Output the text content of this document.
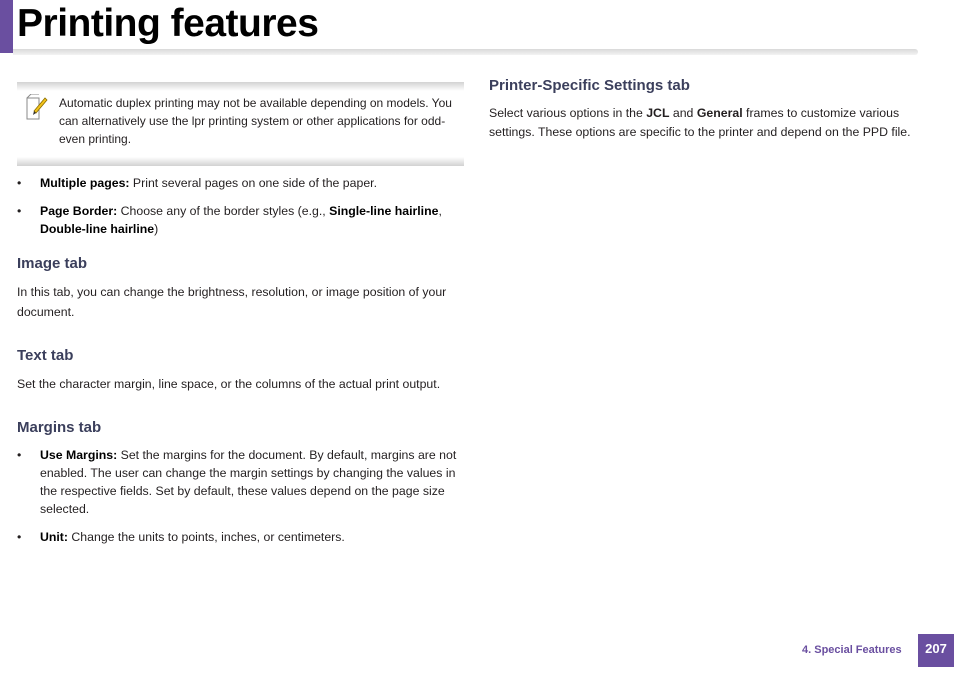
Printing features
Automatic duplex printing may not be available depending on models. You can alternatively use the lpr printing system or other applications for odd-even printing.
• Multiple pages: Print several pages on one side of the paper.
• Page Border: Choose any of the border styles (e.g., Single-line hairline, Double-line hairline)
Image tab

In this tab, you can change the brightness, resolution, or image position of your document.

Text tab

Set the character margin, line space, or the columns of the actual print output.

Margins tab
• Use Margins: Set the margins for the document. By default, margins are not enabled. The user can change the margin settings by changing the values in the respective fields. Set by default, these values depend on the page size selected.
• Unit: Change the units to points, inches, or centimeters.
Printer-Specific Settings tab

Select various options in the JCL and General frames to customize various settings. These options are specific to the printer and depend on the PPD file.

4. Special Features	207
